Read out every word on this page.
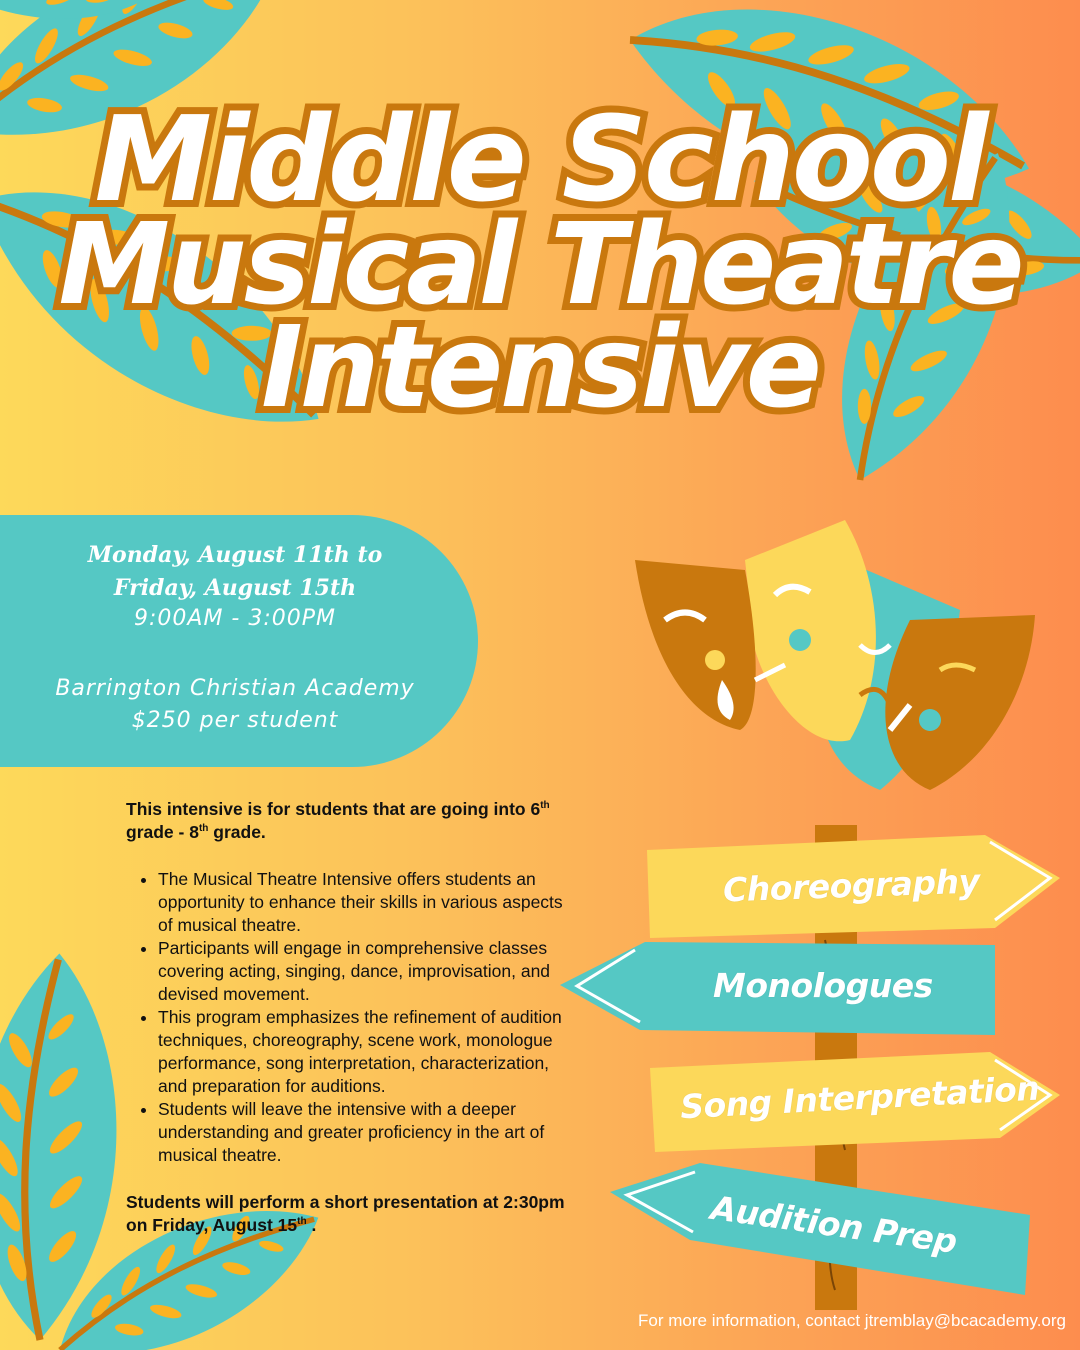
Middle School
Musical Theatre
Intensive
Monday, August 11th to
Friday, August 15th
9:00AM - 3:00PM
Barrington Christian Academy
$250 per student

This intensive is for students that are going into 6th grade - 8th grade.

• The Musical Theatre Intensive offers students an opportunity to enhance their skills in various aspects of musical theatre.
• Participants will engage in comprehensive classes covering acting, singing, dance, improvisation, and devised movement.
• This program emphasizes the refinement of audition techniques, choreography, scene work, monologue performance, song interpretation, characterization, and preparation for auditions.
• Students will leave the intensive with a deeper understanding and greater proficiency in the art of musical theatre.

Students will perform a short presentation at 2:30pm on Friday, August 15th .

Choreography
Monologues
Song Interpretation
Audition Prep
For more information, contact jtremblay@bcacademy.org
